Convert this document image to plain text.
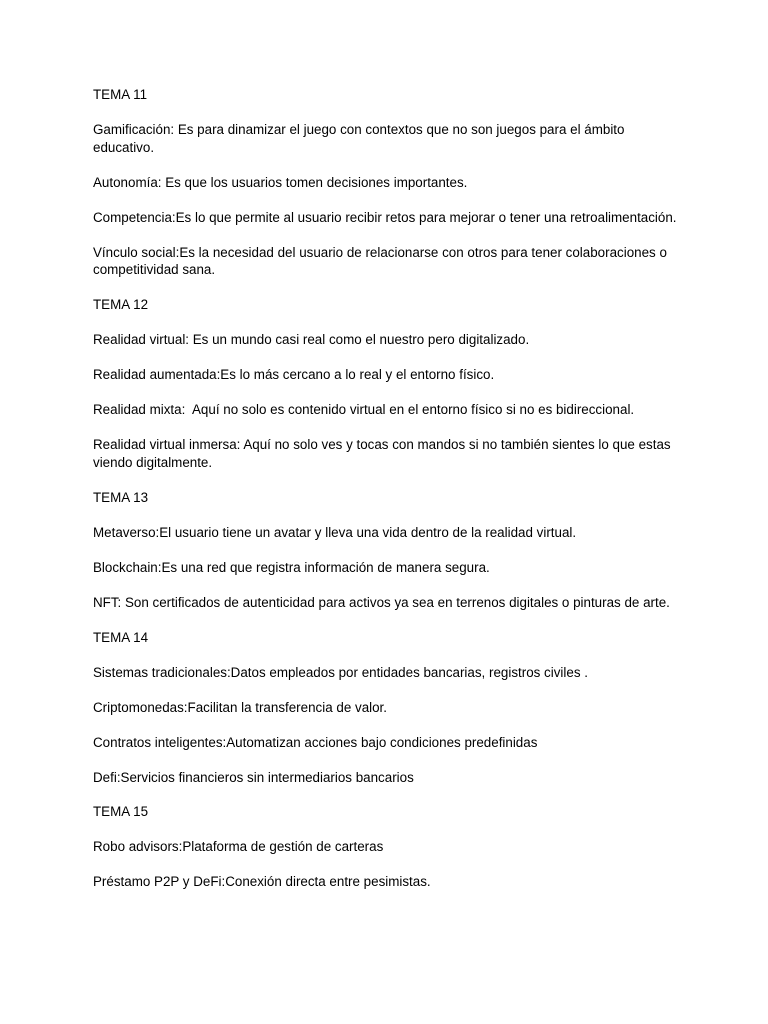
TEMA 11

Gamificación: Es para dinamizar el juego con contextos que no son juegos para el ámbito educativo.

Autonomía: Es que los usuarios tomen decisiones importantes.

Competencia:Es lo que permite al usuario recibir retos para mejorar o tener una retroalimentación.

Vínculo social:Es la necesidad del usuario de relacionarse con otros para tener colaboraciones o competitividad sana.

TEMA 12

Realidad virtual: Es un mundo casi real como el nuestro pero digitalizado.

Realidad aumentada:Es lo más cercano a lo real y el entorno físico.

Realidad mixta:  Aquí no solo es contenido virtual en el entorno físico si no es bidireccional.

Realidad virtual inmersa: Aquí no solo ves y tocas con mandos si no también sientes lo que estas viendo digitalmente.

TEMA 13

Metaverso:El usuario tiene un avatar y lleva una vida dentro de la realidad virtual.

Blockchain:Es una red que registra información de manera segura.

NFT: Son certificados de autenticidad para activos ya sea en terrenos digitales o pinturas de arte.

TEMA 14

Sistemas tradicionales:Datos empleados por entidades bancarias, registros civiles .

Criptomonedas:Facilitan la transferencia de valor.

Contratos inteligentes:Automatizan acciones bajo condiciones predefinidas

Defi:Servicios financieros sin intermediarios bancarios

TEMA 15

Robo advisors:Plataforma de gestión de carteras

Préstamo P2P y DeFi:Conexión directa entre pesimistas.
